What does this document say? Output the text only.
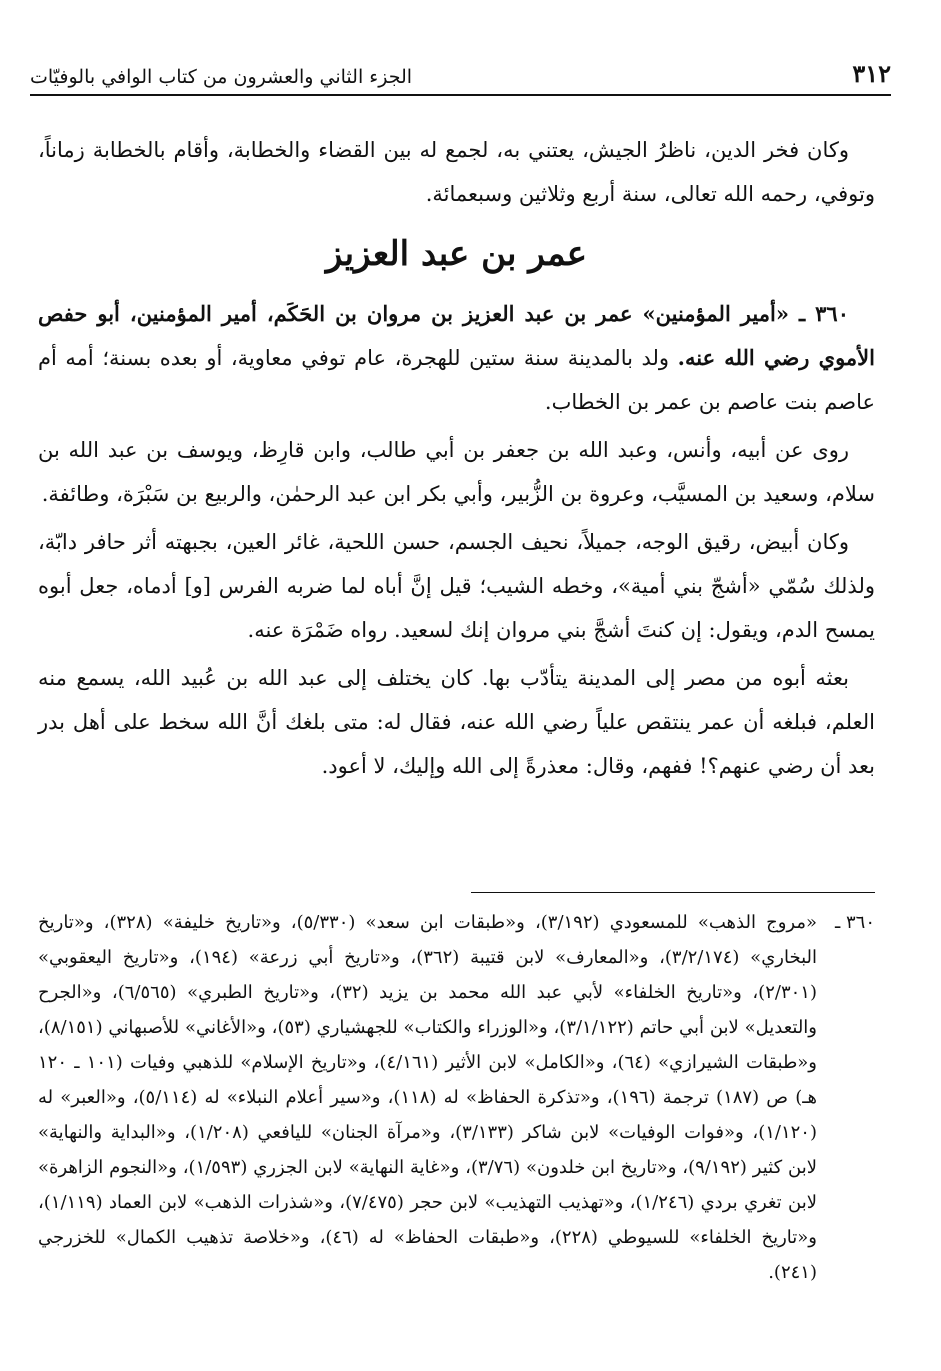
٣١٢
الجزء الثاني والعشرون من كتاب الوافي بالوفيّات

وكان فخر الدين، ناظرُ الجيش، يعتني به، لجمع له بين القضاء والخطابة، وأقام بالخطابة زماناً، وتوفي، رحمه الله تعالى، سنة أربع وثلاثين وسبعمائة.

عمر بن عبد العزيز

٣٦٠ ـ «أمير المؤمنين» عمر بن عبد العزيز بن مروان بن الحَكَم، أمير المؤمنين، أبو حفص الأموي رضي الله عنه. ولد بالمدينة سنة ستين للهجرة، عام توفي معاوية، أو بعده بسنة؛ أمه أم عاصم بنت عاصم بن عمر بن الخطاب.

روى عن أبيه، وأنس، وعبد الله بن جعفر بن أبي طالب، وابن قارِظ، ويوسف بن عبد الله بن سلام، وسعيد بن المسيَّب، وعروة بن الزُّبير، وأبي بكر ابن عبد الرحمٰن، والربيع بن سَبْرَة، وطائفة.

وكان أبيض، رقيق الوجه، جميلاً، نحيف الجسم، حسن اللحية، غائر العين، بجبهته أثر حافر دابّة، ولذلك سُمّي «أشجّ بني أمية»، وخطه الشيب؛ قيل إنَّ أباه لما ضربه الفرس [و] أدماه، جعل أبوه يمسح الدم، ويقول: إن كنتَ أشجَّ بني مروان إنك لسعيد. رواه ضَمْرَة عنه.

بعثه أبوه من مصر إلى المدينة يتأدّب بها. كان يختلف إلى عبد الله بن عُبيد الله، يسمع منه العلم، فبلغه أن عمر ينتقص علياً رضي الله عنه، فقال له: متى بلغك أنَّ الله سخط على أهل بدر بعد أن رضي عنهم؟! ففهم، وقال: معذرةً إلى الله وإليك، لا أعود.

٣٦٠ ـ
«مروج الذهب» للمسعودي (٣/١٩٢)، و«طبقات ابن سعد» (٥/٣٣٠)، و«تاريخ خليفة» (٣٢٨)، و«تاريخ البخاري» (٣/٢/١٧٤)، و«المعارف» لابن قتيبة (٣٦٢)، و«تاريخ أبي زرعة» (١٩٤)، و«تاريخ اليعقوبي» (٢/٣٠١)، و«تاريخ الخلفاء» لأبي عبد الله محمد بن يزيد (٣٢)، و«تاريخ الطبري» (٦/٥٦٥)، و«الجرح والتعديل» لابن أبي حاتم (٣/١/١٢٢)، و«الوزراء والكتاب» للجهشياري (٥٣)، و«الأغاني» للأصبهاني (٨/١٥١)، و«طبقات الشيرازي» (٦٤)، و«الكامل» لابن الأثير (٤/١٦١)، و«تاريخ الإسلام» للذهبي وفيات (١٠١ ـ ١٢٠ هـ) ص (١٨٧) ترجمة (١٩٦)، و«تذكرة الحفاظ» له (١١٨)، و«سير أعلام النبلاء» له (٥/١١٤)، و«العبر» له (١/١٢٠)، و«فوات الوفيات» لابن شاكر (٣/١٣٣)، و«مرآة الجنان» لليافعي (١/٢٠٨)، و«البداية والنهاية» لابن كثير (٩/١٩٢)، و«تاريخ ابن خلدون» (٣/٧٦)، و«غاية النهاية» لابن الجزري (١/٥٩٣)، و«النجوم الزاهرة» لابن تغري بردي (١/٢٤٦)، و«تهذيب التهذيب» لابن حجر (٧/٤٧٥)، و«شذرات الذهب» لابن العماد (١/١١٩)، و«تاريخ الخلفاء» للسيوطي (٢٢٨)، و«طبقات الحفاظ» له (٤٦)، و«خلاصة تذهيب الكمال» للخزرجي (٢٤١).
